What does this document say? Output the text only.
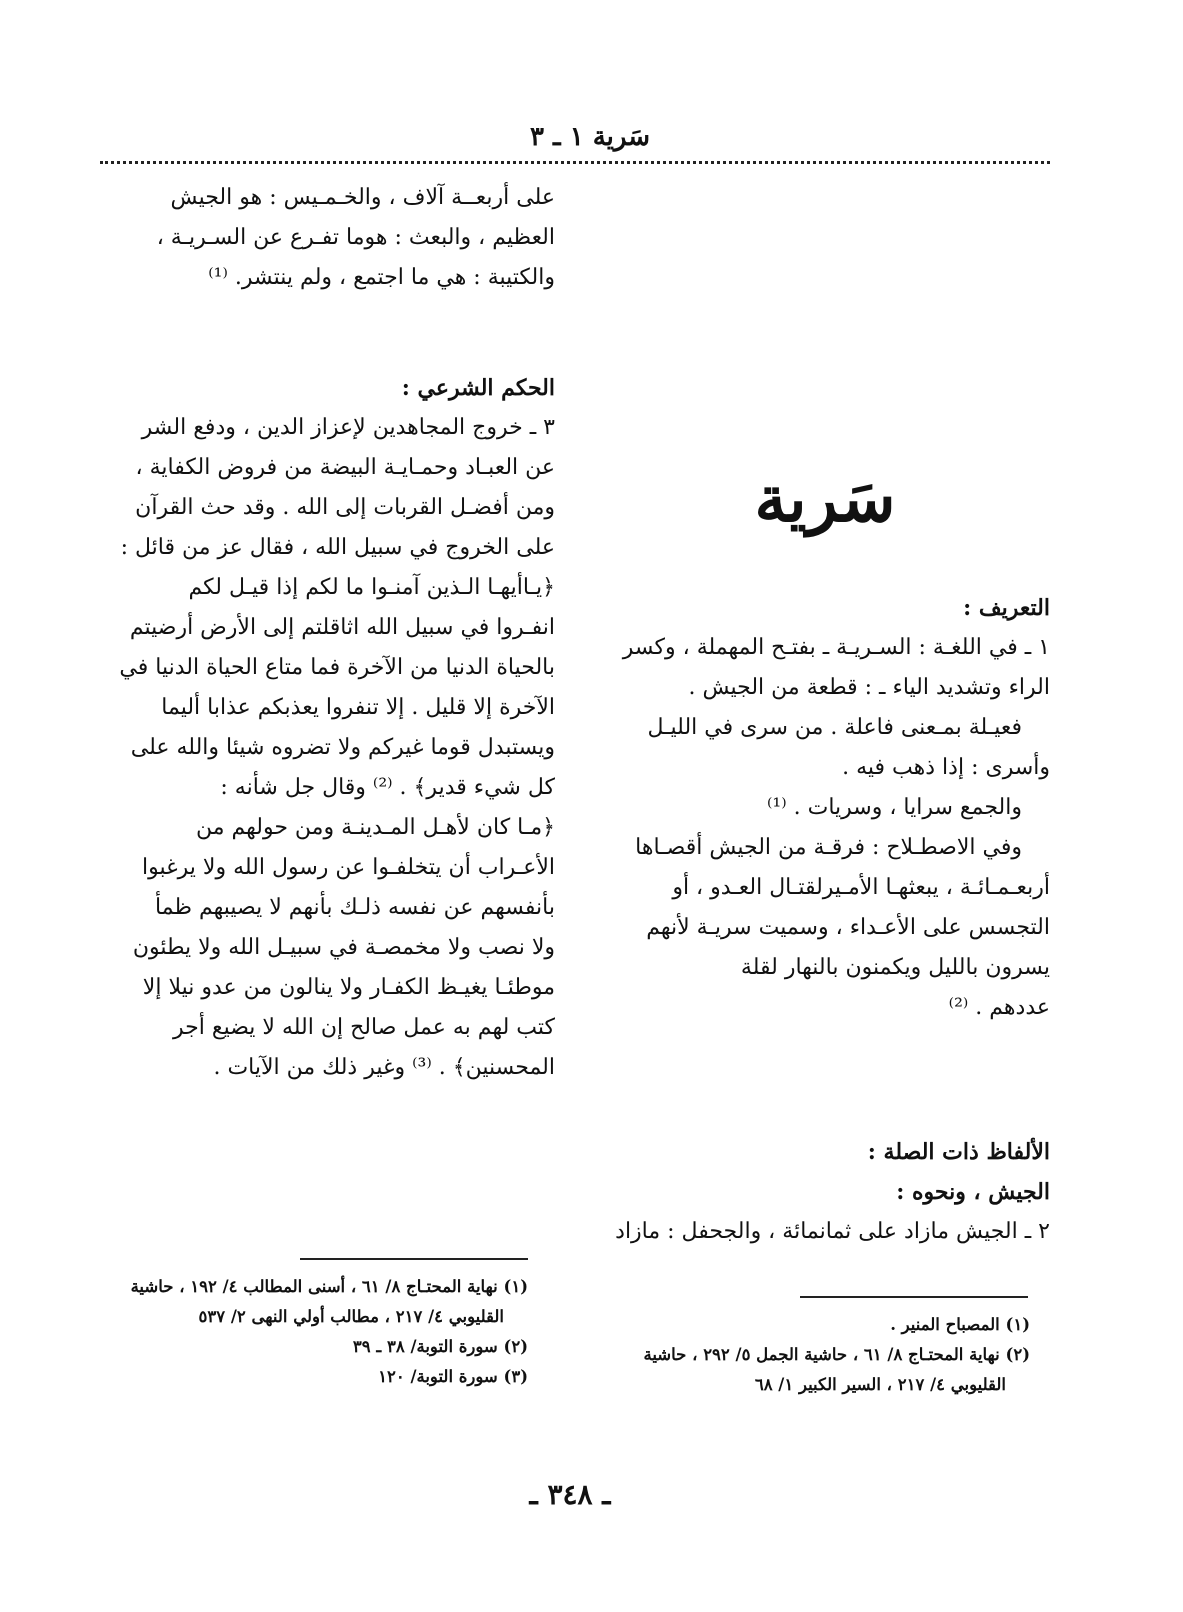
سَرية ١ ـ ٣
على أربعــة آلاف ، والخـمـيس : هو الجيش
العظيم ، والبعث : هوما تفـرع عن السـريـة ،
والكتيبة : هي ما اجتمع ، ولم ينتشر. ⁽¹⁾
الحكم الشرعي :
٣ ـ خروج المجاهدين لإعزاز الدين ، ودفع الشر
عن العبـاد وحمـايـة البيضة من فروض الكفاية ،
ومن أفضـل القربات إلى الله . وقد حث القرآن
على الخروج في سبيل الله ، فقال عز من قائل :
﴿يـاأيهـا الـذين آمنـوا ما لكم إذا قيـل لكم
انفـروا في سبيل الله اثاقلتم إلى الأرض أرضيتم
بالحياة الدنيا من الآخرة فما متاع الحياة الدنيا في
الآخرة إلا قليل . إلا تنفروا يعذبكم عذابا أليما
ويستبدل قوما غيركم ولا تضروه شيئا والله على
كل شيء قدير﴾ . ⁽²⁾ وقال جل شأنه :
﴿مـا كان لأهـل المـدينـة ومن حولهم من
الأعـراب أن يتخلفـوا عن رسول الله ولا يرغبوا
بأنفسهم عن نفسه ذلـك بأنهم لا يصيبهم ظمأ
ولا نصب ولا مخمصـة في سبيـل الله ولا يطئون
موطئـا يغيـظ الكفـار ولا ينالون من عدو نيلا إلا
كتب لهم به عمل صالح إن الله لا يضيع أجر
المحسنين﴾ . ⁽³⁾ وغير ذلك من الآيات .
(١) نهاية المحتـاج ٨/ ٦١ ، أسنى المطالب ٤/ ١٩٢ ، حاشية
القليوبي ٤/ ٢١٧ ، مطالب أولي النهى ٢/ ٥٣٧
(٢) سورة التوبة/ ٣٨ ـ ٣٩
(٣) سورة التوبة/ ١٢٠
سَرية
التعريف :
١ ـ في اللغـة : السـريـة ـ بفتـح المهملة ، وكسر
الراء وتشديد الياء ـ : قطعة من الجيش .
فعيـلة بمـعنى فاعلة . من سرى في الليـل
وأسرى : إذا ذهب فيه .
والجمع سرايا ، وسريات . ⁽¹⁾
وفي الاصطـلاح : فرقـة من الجيش أقصـاها
أربعـمـائـة ، يبعثهـا الأمـيرلقتـال العـدو ، أو
التجسس على الأعـداء ، وسميت سريـة لأنهم
يسرون بالليل ويكمنون بالنهار لقلة
عددهم . ⁽²⁾
الألفاظ ذات الصلة :
الجيش ، ونحوه :
٢ ـ الجيش مازاد على ثمانمائة ، والجحفل : مازاد
(١) المصباح المنير .
(٢) نهاية المحتـاج ٨/ ٦١ ، حاشية الجمل ٥/ ٢٩٢ ، حاشية
القليوبي ٤/ ٢١٧ ، السير الكبير ١/ ٦٨
ـ ٣٤٨ ـ
